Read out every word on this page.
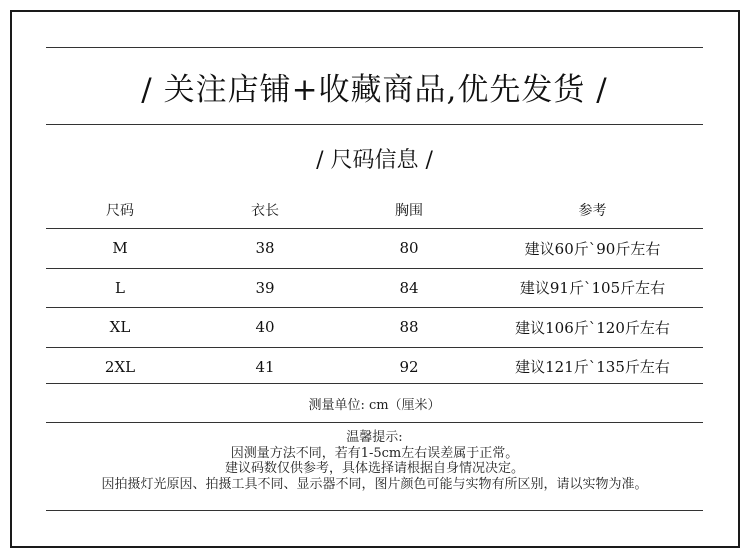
/ 关注店铺+收藏商品,优先发货 /
/ 尺码信息 /
尺码	衣长	胸围	参考
M	38	80	建议60斤`90斤左右
L	39	84	建议91斤`105斤左右
XL	40	88	建议106斤`120斤左右
2XL	41	92	建议121斤`135斤左右
测量单位: cm（厘米）
温馨提示:
因测量方法不同，若有1-5cm左右误差属于正常。
建议码数仅供参考，具体选择请根据自身情况决定。
因拍摄灯光原因、拍摄工具不同、显示器不同，图片颜色可能与实物有所区别，请以实物为准。
